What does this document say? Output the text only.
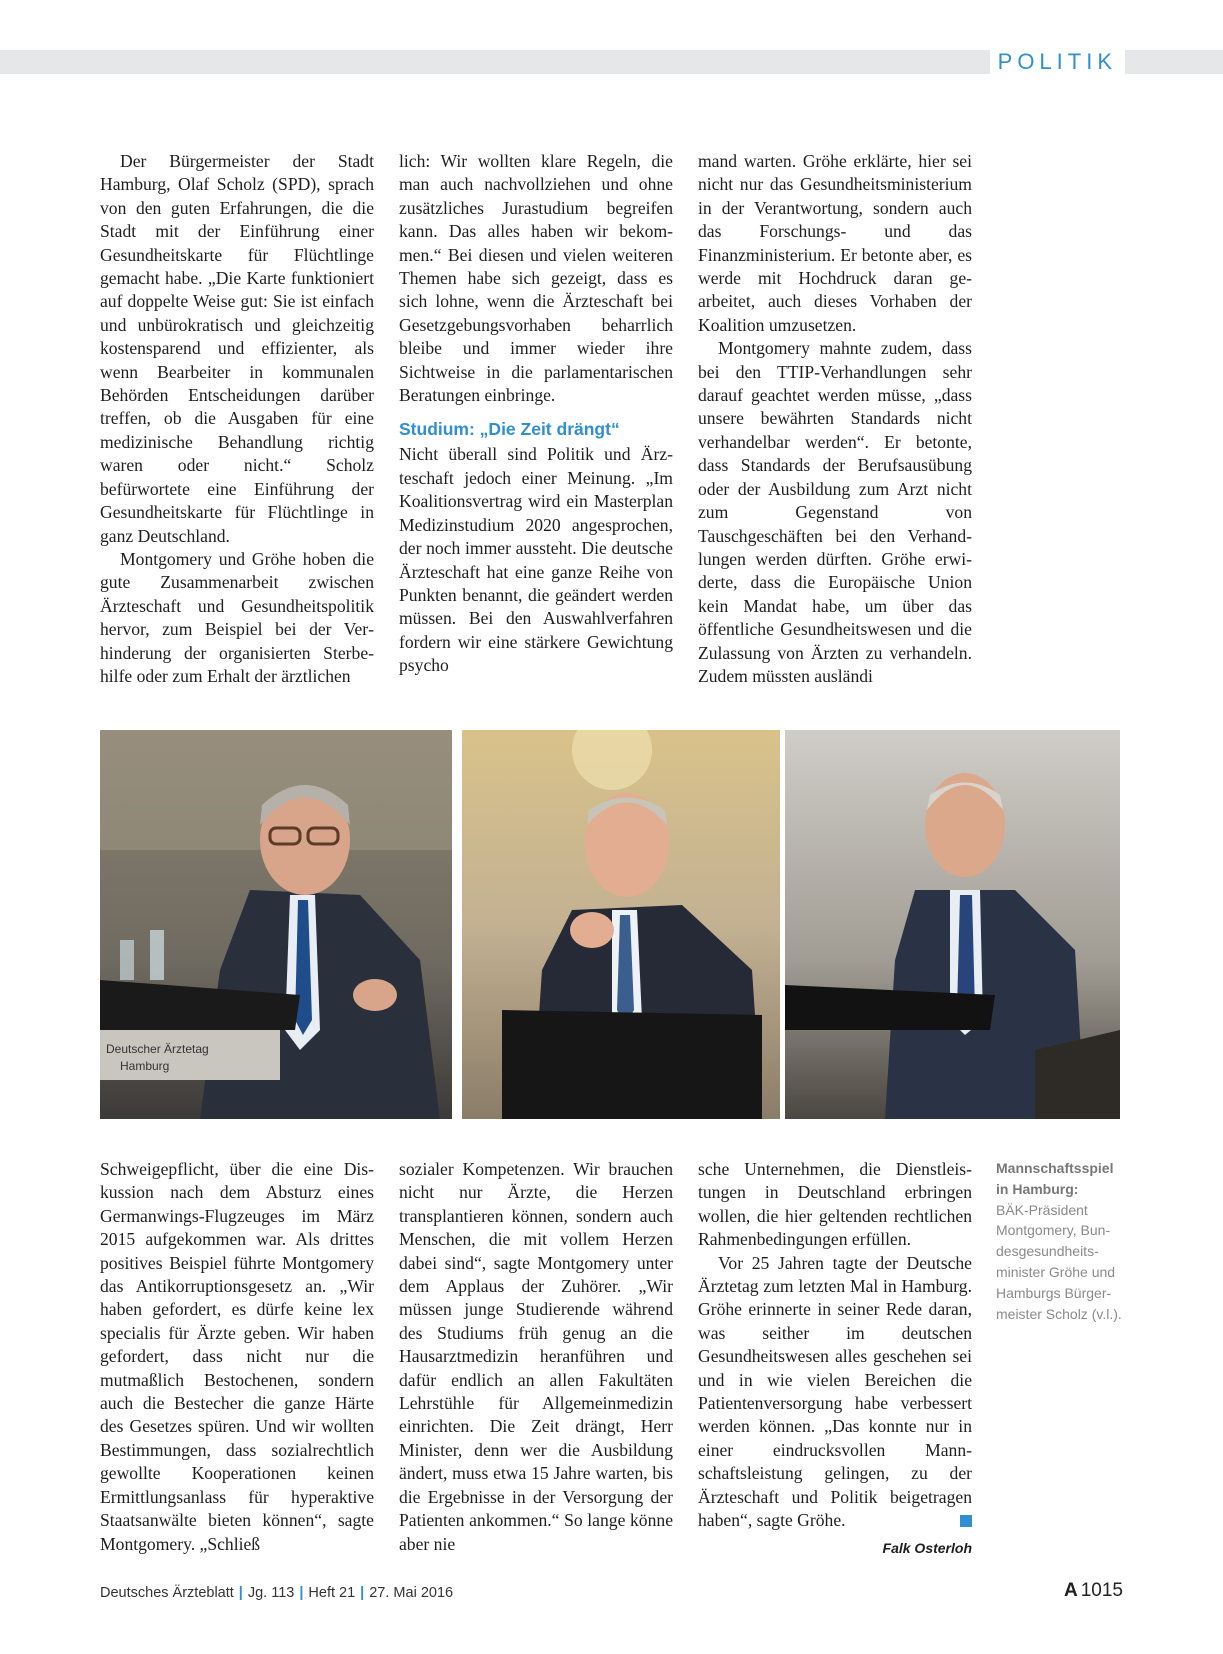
POLITIK

Der Bürgermeister der Stadt Hamburg, Olaf Scholz (SPD), sprach von den guten Erfahrungen, die die Stadt mit der Einführung einer Gesundheitskarte für Flüchtlinge gemacht habe. „Die Karte funktioniert auf doppelte Weise gut: Sie ist einfach und unbürokratisch und gleichzeitig kostensparend und effizienter, als wenn Bearbeiter in kommunalen Behörden Entscheidungen darüber treffen, ob die Ausgaben für eine medizinische Behandlung richtig waren oder nicht.“ Scholz befürwortete eine Einführung der Gesundheitskarte für Flüchtlinge in ganz Deutschland.

Montgomery und Gröhe hoben die gute Zusammenarbeit zwischen Ärzteschaft und Gesundheitspolitik hervor, zum Beispiel bei der Verhinderung der organisierten Sterbehilfe oder zum Erhalt der ärztlichen

lich: Wir wollten klare Regeln, die man auch nachvollziehen und ohne zusätzliches Jurastudium begreifen kann. Das alles haben wir bekommen.“ Bei diesen und vielen weiteren Themen habe sich gezeigt, dass es sich lohne, wenn die Ärzteschaft bei Gesetzgebungsvorhaben beharrlich bleibe und immer wieder ihre Sichtweise in die parlamentarischen Beratungen einbringe.

Studium: „Die Zeit drängt“

Nicht überall sind Politik und Ärzteschaft jedoch einer Meinung. „Im Koalitionsvertrag wird ein Masterplan Medizinstudium 2020 angesprochen, der noch immer aussteht. Die deutsche Ärzteschaft hat eine ganze Reihe von Punkten benannt, die geändert werden müssen. Bei den Auswahlverfahren fordern wir eine stärkere Gewichtung psycho

mand warten. Gröhe erklärte, hier sei nicht nur das Gesundheitsministerium in der Verantwortung, sondern auch das Forschungs- und das Finanzministerium. Er betonte aber, es werde mit Hochdruck daran gearbeitet, auch dieses Vorhaben der Koalition umzusetzen.

Montgomery mahnte zudem, dass bei den TTIP-Verhandlungen sehr darauf geachtet werden müsse, „dass unsere bewährten Standards nicht verhandelbar werden“. Er betonte, dass Standards der Berufsausübung oder der Ausbildung zum Arzt nicht zum Gegenstand von Tauschgeschäften bei den Verhandlungen werden dürften. Gröhe erwiderte, dass die Europäische Union kein Mandat habe, um über das öffentliche Gesundheitswesen und die Zulassung von Ärzten zu verhandeln. Zudem müssten ausländi

Deutscher Ärztetag
Hamburg

Schweigepflicht, über die eine Diskussion nach dem Absturz eines Germanwings-Flugzeuges im März 2015 aufgekommen war. Als drittes positives Beispiel führte Montgomery das Antikorruptionsgesetz an. „Wir haben gefordert, es dürfe keine lex specialis für Ärzte geben. Wir haben gefordert, dass nicht nur die mutmaßlich Bestochenen, sondern auch die Bestecher die ganze Härte des Gesetzes spüren. Und wir wollten Bestimmungen, dass sozialrechtlich gewollte Kooperationen keinen Ermittlungsanlass für hyperaktive Staatsanwälte bieten können“, sagte Montgomery. „Schließ

sozialer Kompetenzen. Wir brauchen nicht nur Ärzte, die Herzen transplantieren können, sondern auch Menschen, die mit vollem Herzen dabei sind“, sagte Montgomery unter dem Applaus der Zuhörer. „Wir müssen junge Studierende während des Studiums früh genug an die Hausarztmedizin heranführen und dafür endlich an allen Fakultäten Lehrstühle für Allgemeinmedizin einrichten. Die Zeit drängt, Herr Minister, denn wer die Ausbildung ändert, muss etwa 15 Jahre warten, bis die Ergebnisse in der Versorgung der Patienten ankommen.“ So lange könne aber nie

sche Unternehmen, die Dienstleistungen in Deutschland erbringen wollen, die hier geltenden rechtlichen Rahmenbedingungen erfüllen.

Vor 25 Jahren tagte der Deutsche Ärztetag zum letzten Mal in Hamburg. Gröhe erinnerte in seiner Rede daran, was seither im deutschen Gesundheitswesen alles geschehen sei und in wie vielen Bereichen die Patientenversorgung habe verbessert werden können. „Das konnte nur in einer eindrucksvollen Mannschaftsleistung gelingen, zu der Ärzteschaft und Politik beigetragen haben“, sagte Gröhe.

Falk Osterloh
Mannschaftsspiel in Hamburg:
BÄK-Präsident Montgomery, Bundesgesundheitsminister Gröhe und Hamburgs Bürgermeister Scholz (v.l.).
Deutsches Ärzteblatt | Jg. 113 | Heft 21 | 27. Mai 2016	A 1015
